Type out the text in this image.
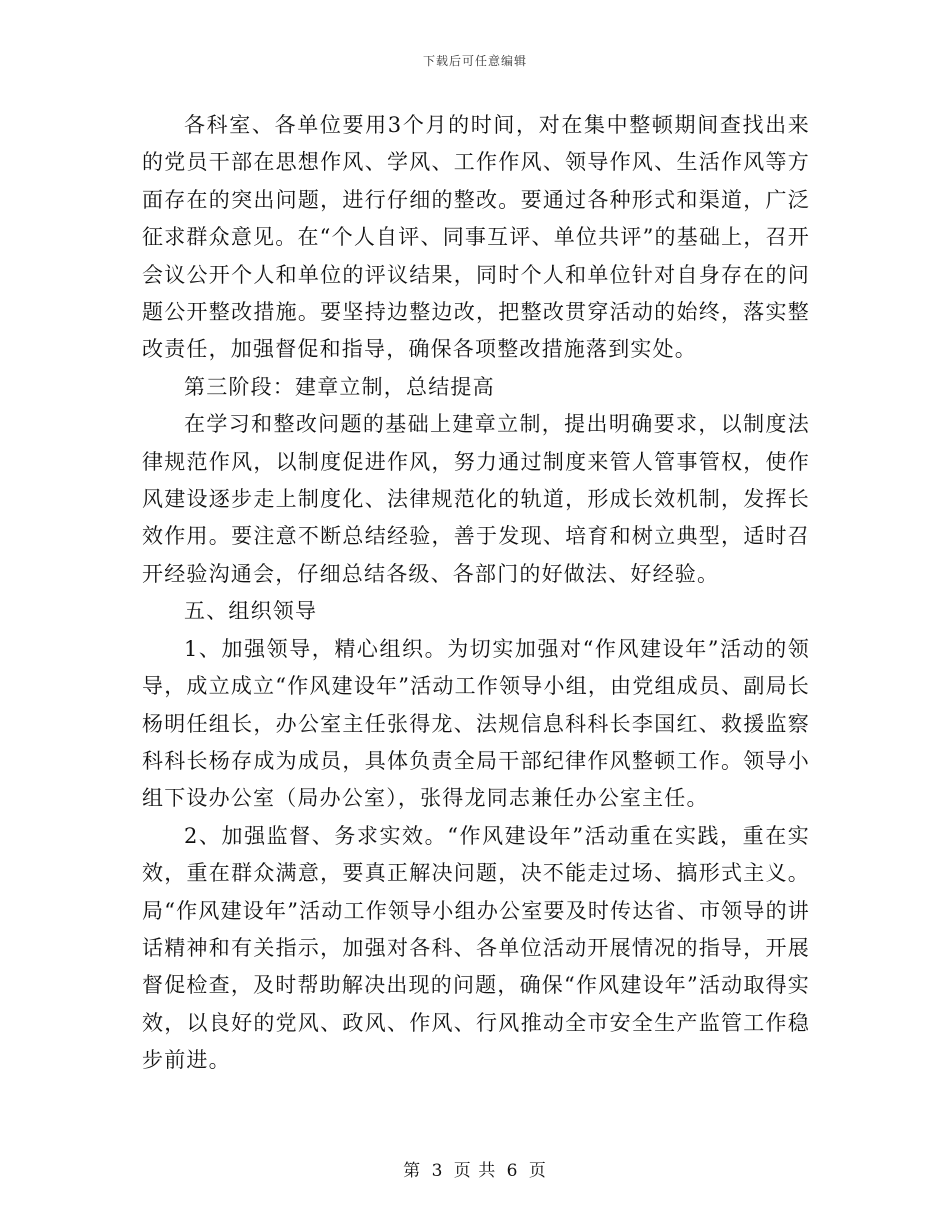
下载后可任意编辑

各科室、各单位要用3个月的时间，对在集中整顿期间查找出来的党员干部在思想作风、学风、工作作风、领导作风、生活作风等方面存在的突出问题，进行仔细的整改。要通过各种形式和渠道，广泛征求群众意见。在“个人自评、同事互评、单位共评”的基础上，召开会议公开个人和单位的评议结果，同时个人和单位针对自身存在的问题公开整改措施。要坚持边整边改，把整改贯穿活动的始终，落实整改责任，加强督促和指导，确保各项整改措施落到实处。

第三阶段：建章立制，总结提高

在学习和整改问题的基础上建章立制，提出明确要求，以制度法律规范作风，以制度促进作风，努力通过制度来管人管事管权，使作风建设逐步走上制度化、法律规范化的轨道，形成长效机制，发挥长效作用。要注意不断总结经验，善于发现、培育和树立典型，适时召开经验沟通会，仔细总结各级、各部门的好做法、好经验。

五、组织领导

1、加强领导，精心组织。为切实加强对“作风建设年”活动的领导，成立成立“作风建设年”活动工作领导小组，由党组成员、副局长杨明任组长，办公室主任张得龙、法规信息科科长李国红、救援监察科科长杨存成为成员，具体负责全局干部纪律作风整顿工作。领导小组下设办公室（局办公室），张得龙同志兼任办公室主任。

2、加强监督、务求实效。“作风建设年”活动重在实践，重在实效，重在群众满意，要真正解决问题，决不能走过场、搞形式主义。局“作风建设年”活动工作领导小组办公室要及时传达省、市领导的讲话精神和有关指示，加强对各科、各单位活动开展情况的指导，开展督促检查，及时帮助解决出现的问题，确保“作风建设年”活动取得实效，以良好的党风、政风、作风、行风推动全市安全生产监管工作稳步前进。

第 3 页 共 6 页
